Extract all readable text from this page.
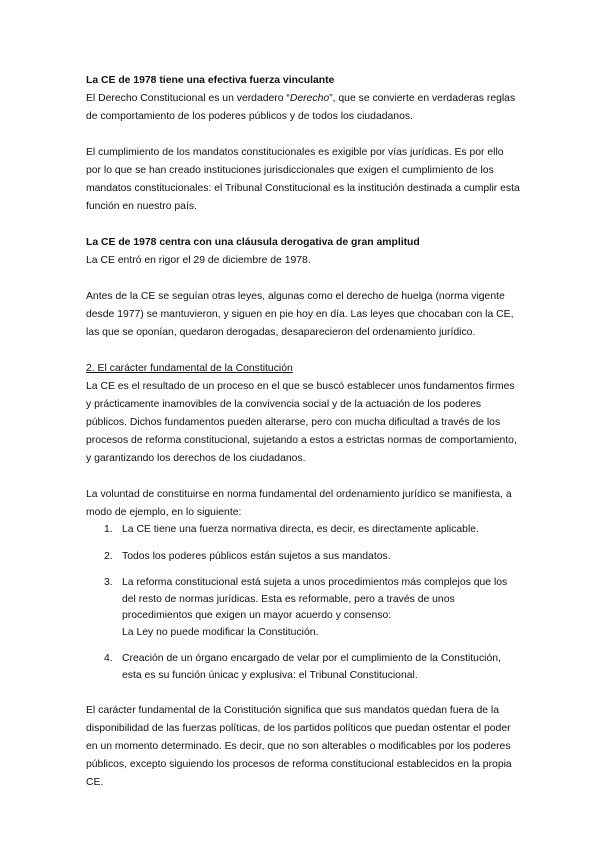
La CE de 1978 tiene una efectiva fuerza vinculante

El Derecho Constitucional es un verdadero “Derecho”, que se convierte en verdaderas reglas de comportamiento de los poderes públicos y de todos los ciudadanos.

El cumplimiento de los mandatos constitucionales es exigible por vías jurídicas. Es por ello por lo que se han creado instituciones jurisdiccionales que exigen el cumplimiento de los mandatos constitucionales: el Tribunal Constitucional es la institución destinada a cumplir esta función en nuestro país.

La CE de 1978 centra con una cláusula derogativa de gran amplitud

La CE entró en rigor el 29 de diciembre de 1978.

Antes de la CE se seguían otras leyes, algunas como el derecho de huelga (norma vigente desde 1977) se mantuvieron, y siguen en pie hoy en día. Las leyes que chocaban con la CE, las que se oponían, quedaron derogadas, desaparecieron del ordenamiento jurídico.

2. El carácter fundamental de la Constitución

La CE es el resultado de un proceso en el que se buscó establecer unos fundamentos firmes y prácticamente inamovibles de la convivencia social y de la actuación de los poderes públicos. Dichos fundamentos pueden alterarse, pero con mucha dificultad a través de los procesos de reforma constitucional, sujetando a estos a estrictas normas de comportamiento, y garantizando los derechos de los ciudadanos.

La voluntad de constituirse en norma fundamental del ordenamiento jurídico se manifiesta, a modo de ejemplo, en lo siguiente:

1. La CE tiene una fuerza normativa directa, es decir, es directamente aplicable.
2. Todos los poderes públicos están sujetos a sus mandatos.
3. La reforma constitucional está sujeta a unos procedimientos más complejos que los del resto de normas jurídicas. Esta es reformable, pero a través de unos procedimientos que exigen un mayor acuerdo y consenso:
La Ley no puede modificar la Constitución.
4. Creación de un órgano encargado de velar por el cumplimiento de la Constitución, esta es su función únicac y explusiva: el Tribunal Constitucional.

El carácter fundamental de la Constitución significa que sus mandatos quedan fuera de la disponibilidad de las fuerzas políticas, de los partidos políticos que puedan ostentar el poder en un momento determinado. Es decir, que no son alterables o modificables por los poderes públicos, excepto siguiendo los procesos de reforma constitucional establecidos en la propia CE.
